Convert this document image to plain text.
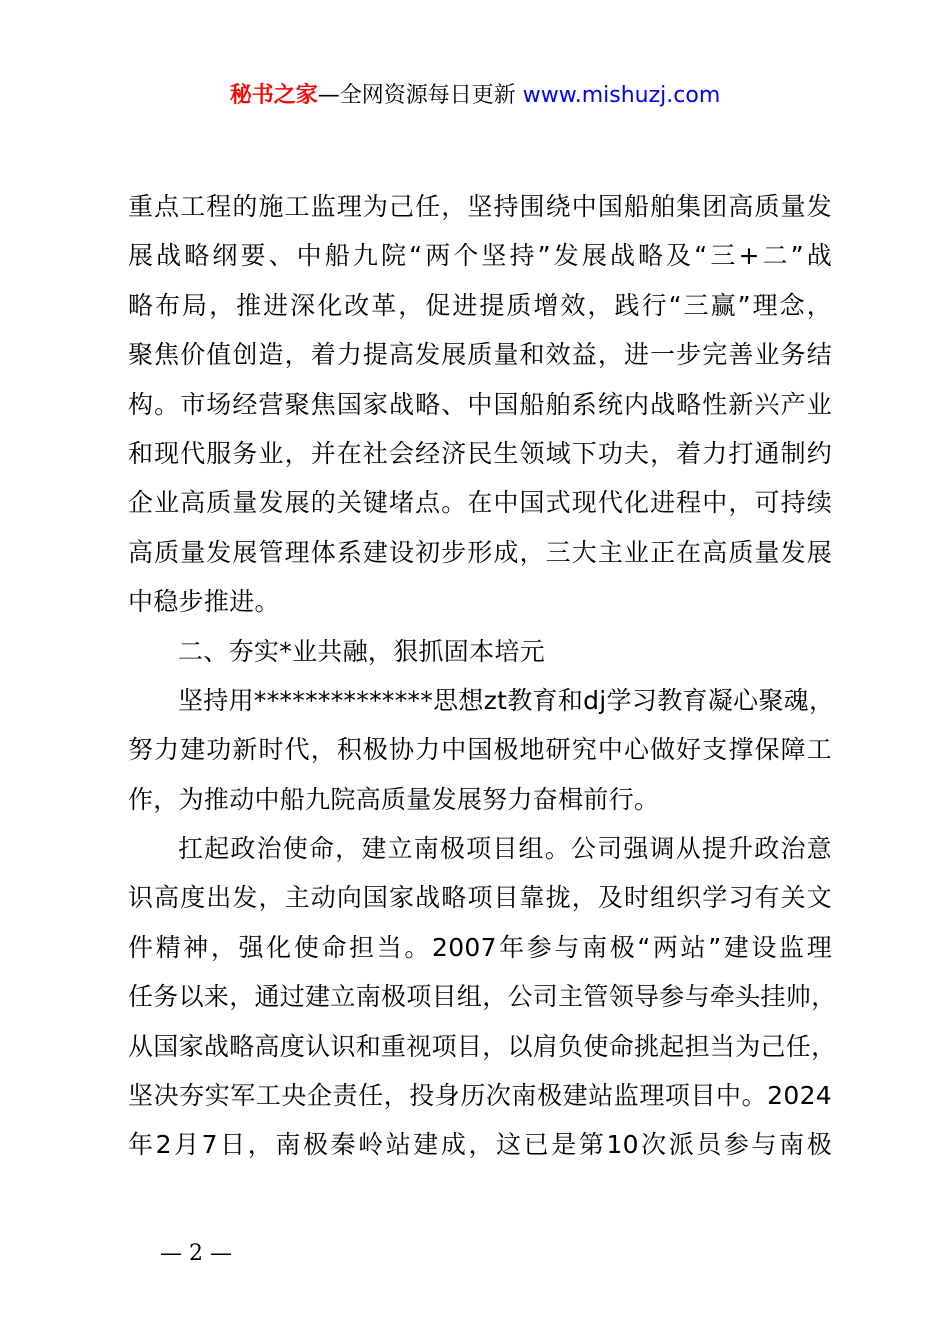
秘书之家—全网资源每日更新 www.mishuzj.com
重点工程的施工监理为己任，坚持围绕中国船舶集团高质量发
展战略纲要、中船九院“两个坚持”发展战略及“三+二”战
略布局，推进深化改革，促进提质增效，践行“三赢”理念，
聚焦价值创造，着力提高发展质量和效益，进一步完善业务结
构。市场经营聚焦国家战略、中国船舶系统内战略性新兴产业
和现代服务业，并在社会经济民生领域下功夫，着力打通制约
企业高质量发展的关键堵点。在中国式现代化进程中，可持续
高质量发展管理体系建设初步形成，三大主业正在高质量发展
中稳步推进。
二、夯实*业共融，狠抓固本培元
坚持用**************思想zt教育和dj学习教育凝心聚魂，
努力建功新时代，积极协力中国极地研究中心做好支撑保障工
作，为推动中船九院高质量发展努力奋楫前行。
扛起政治使命，建立南极项目组。公司强调从提升政治意
识高度出发，主动向国家战略项目靠拢，及时组织学习有关文
件精神，强化使命担当。2007年参与南极“两站”建设监理
任务以来，通过建立南极项目组，公司主管领导参与牵头挂帅，
从国家战略高度认识和重视项目，以肩负使命挑起担当为己任，
坚决夯实军工央企责任，投身历次南极建站监理项目中。2024
年2月7日，南极秦岭站建成，这已是第10次派员参与南极
— 2 —
